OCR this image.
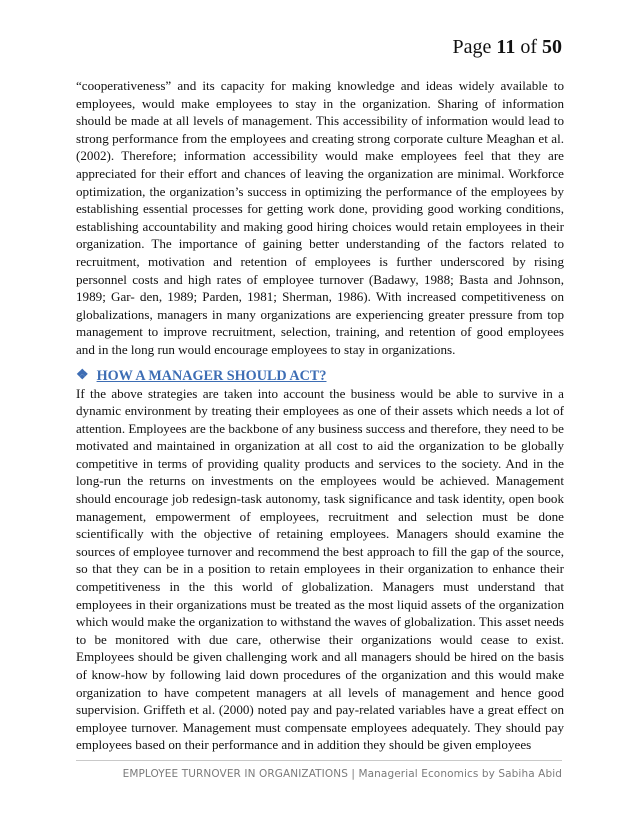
Page 11 of 50

“cooperativeness” and its capacity for making knowledge and ideas widely available to employees, would make employees to stay in the organization. Sharing of information should be made at all levels of management. This accessibility of information would lead to strong performance from the employees and creating strong corporate culture Meaghan et al. (2002). Therefore; information accessibility would make employees feel that they are appreciated for their effort and chances of leaving the organization are minimal. Workforce optimization, the organization’s success in optimizing the performance of the employees by establishing essential processes for getting work done, providing good working conditions, establishing accountability and making good hiring choices would retain employees in their organization. The importance of gaining better understanding of the factors related to recruitment, motivation and retention of employees is further underscored by rising personnel costs and high rates of employee turnover (Badawy, 1988; Basta and Johnson, 1989; Gar- den, 1989; Parden, 1981; Sherman, 1986). With increased competitiveness on globalizations, managers in many organizations are experiencing greater pressure from top management to improve recruitment, selection, training, and retention of good employees and in the long run would encourage employees to stay in organizations.

❖ HOW A MANAGER SHOULD ACT?

If the above strategies are taken into account the business would be able to survive in a dynamic environment by treating their employees as one of their assets which needs a lot of attention. Employees are the backbone of any business success and therefore, they need to be motivated and maintained in organization at all cost to aid the organization to be globally competitive in terms of providing quality products and services to the society. And in the long-run the returns on investments on the employees would be achieved. Management should encourage job redesign-task autonomy, task significance and task identity, open book management, empowerment of employees, recruitment and selection must be done scientifically with the objective of retaining employees. Managers should examine the sources of employee turnover and recommend the best approach to fill the gap of the source, so that they can be in a position to retain employees in their organization to enhance their competitiveness in the this world of globalization. Managers must understand that employees in their organizations must be treated as the most liquid assets of the organization which would make the organization to withstand the waves of globalization. This asset needs to be monitored with due care, otherwise their organizations would cease to exist. Employees should be given challenging work and all managers should be hired on the basis of know-how by following laid down procedures of the organization and this would make organization to have competent managers at all levels of management and hence good supervision. Griffeth et al. (2000) noted pay and pay-related variables have a great effect on employee turnover. Management must compensate employees adequately. They should pay employees based on their performance and in addition they should be given employees

EMPLOYEE TURNOVER IN ORGANIZATIONS | Managerial Economics by Sabiha Abid
